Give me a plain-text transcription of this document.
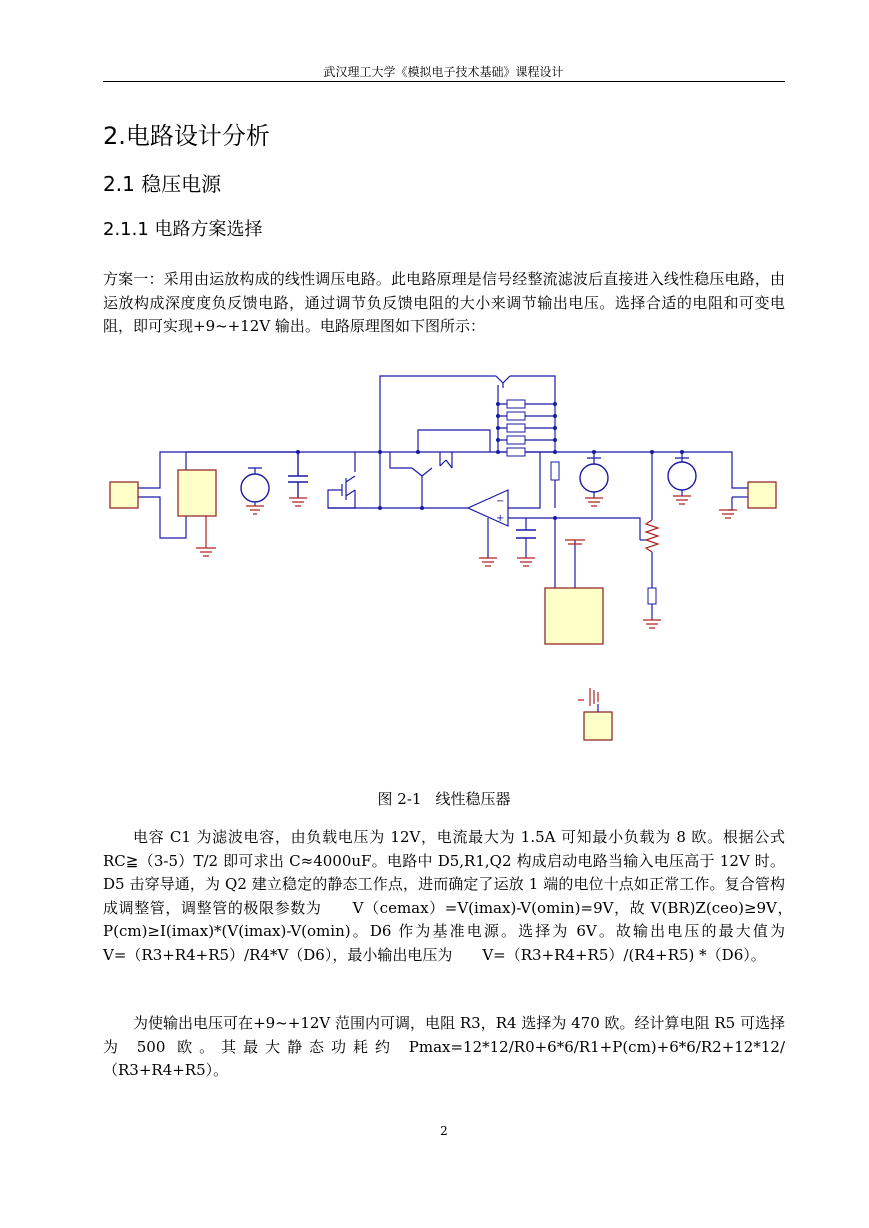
武汉理工大学《模拟电子技术基础》课程设计
2.电路设计分析
2.1 稳压电源
2.1.1 电路方案选择

方案一：采用由运放构成的线性调压电路。此电路原理是信号经整流滤波后直接进入线性稳压电路，由运放构成深度度负反馈电路，通过调节负反馈电阻的大小来调节输出电压。选择合适的电阻和可变电阻，即可实现+9~+12V 输出。电路原理图如下图所示：

−
+
图 2-1 线性稳压器

电容 C1 为滤波电容，由负载电压为 12V，电流最大为 1.5A 可知最小负载为 8 欧。根据公式 RC≧（3-5）T/2 即可求出 C≈4000uF。电路中 D5,R1,Q2 构成启动电路当输入电压高于 12V 时。D5 击穿导通，为 Q2 建立稳定的静态工作点，进而确定了运放 1 端的电位十点如正常工作。复合管构成调整管，调整管的极限参数为　　V（cemax）=V(imax)-V(omin)=9V，故 V(BR)Z(ceo)≥9V，　P(cm)≥I(imax)*(V(imax)-V(omin)。D6 作为基准电源。选择为 6V。故输出电压的最大值为　　V=（R3+R4+R5）/R4*V（D6），最小输出电压为　　V=（R3+R4+R5）/(R4+R5) *（D6）。

为使输出电压可在+9~+12V 范围内可调，电阻 R3，R4 选择为 470 欧。经计算电阻 R5 可选择为 500 欧。其最大静态功耗约 Pmax=12*12/R0+6*6/R1+P(cm)+6*6/R2+12*12/（R3+R4+R5）。

2
